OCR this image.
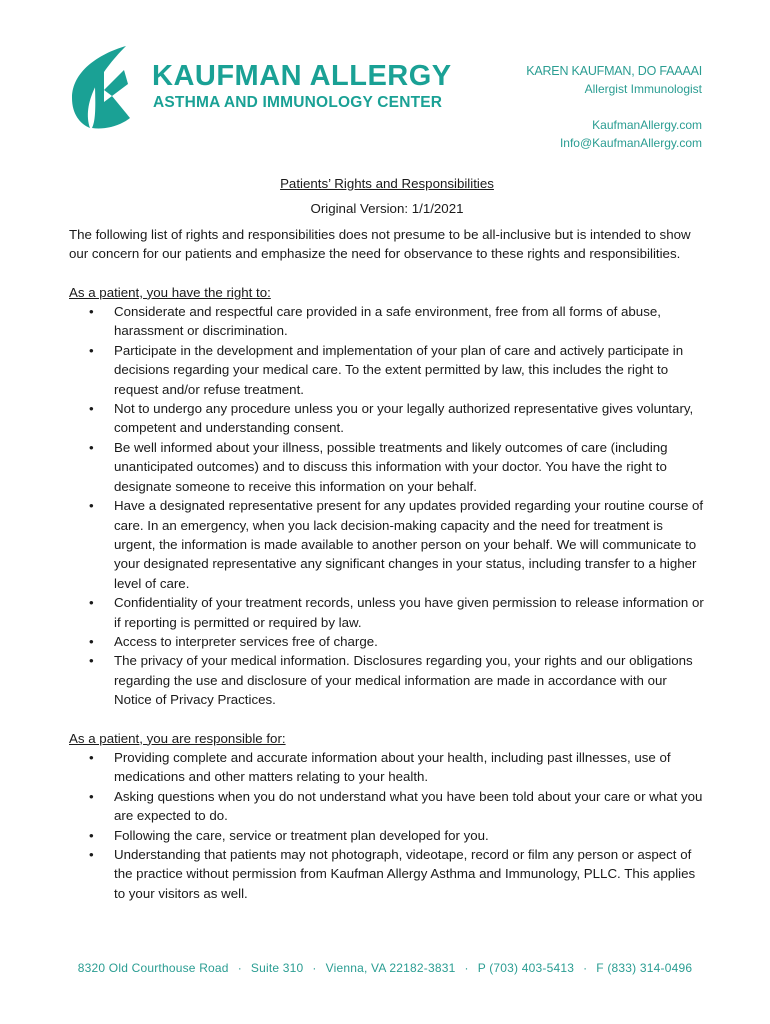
KAUFMAN ALLERGY
ASTHMA AND IMMUNOLOGY CENTER
KAREN KAUFMAN, DO FAAAAI
Allergist Immunologist
KaufmanAllergy.com
Info@KaufmanAllergy.com
Patients’ Rights and Responsibilities
Original Version: 1/1/2021
The following list of rights and responsibilities does not presume to be all-inclusive but is intended to show our concern for our patients and emphasize the need for observance to these rights and responsibilities.
As a patient, you have the right to:
• Considerate and respectful care provided in a safe environment, free from all forms of abuse, harassment or discrimination.
• Participate in the development and implementation of your plan of care and actively participate in decisions regarding your medical care. To the extent permitted by law, this includes the right to request and/or refuse treatment.
• Not to undergo any procedure unless you or your legally authorized representative gives voluntary, competent and understanding consent.
• Be well informed about your illness, possible treatments and likely outcomes of care (including unanticipated outcomes) and to discuss this information with your doctor. You have the right to designate someone to receive this information on your behalf.
• Have a designated representative present for any updates provided regarding your routine course of care. In an emergency, when you lack decision-making capacity and the need for treatment is urgent, the information is made available to another person on your behalf. We will communicate to your designated representative any significant changes in your status, including transfer to a higher level of care.
• Confidentiality of your treatment records, unless you have given permission to release information or if reporting is permitted or required by law.
• Access to interpreter services free of charge.
• The privacy of your medical information. Disclosures regarding you, your rights and our obligations regarding the use and disclosure of your medical information are made in accordance with our Notice of Privacy Practices.
As a patient, you are responsible for:
• Providing complete and accurate information about your health, including past illnesses, use of medications and other matters relating to your health.
• Asking questions when you do not understand what you have been told about your care or what you are expected to do.
• Following the care, service or treatment plan developed for you.
• Understanding that patients may not photograph, videotape, record or film any person or aspect of the practice without permission from Kaufman Allergy Asthma and Immunology, PLLC. This applies to your visitors as well.
8320 Old Courthouse Road · Suite 310 · Vienna, VA 22182-3831 · P (703) 403-5413 · F (833) 314-0496
